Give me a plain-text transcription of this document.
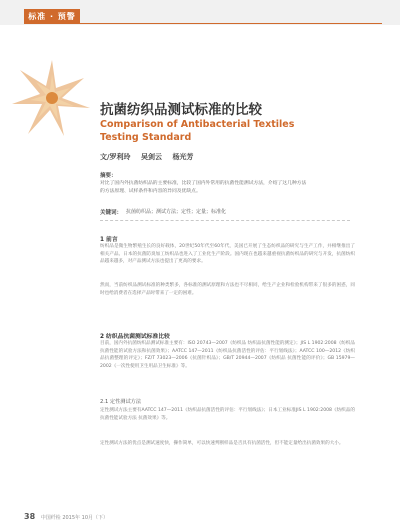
标准 · 预警
抗菌纺织品测试标准的比较
Comparison of Antibacterial Textiles
Testing Standard
文/罗利玲 吴剑云 杨光芳
摘要：
对比了国内外抗菌纺织品的主要标准，比较了国内外常用的抗菌性能测试方法，介绍了这几种方法的方法原理、试样条件和内容的异同及优缺点。
关键词： 抗菌纺织品；测试方法；定性；定量；标准化
1 前言
纺织品是微生物繁殖生长的良好载体，20世纪50年代至60年代，美国已开展了生态纺织品的研究与生产工作，并相继推出了相关产品。日本的抗菌防臭加工纺织品也进入了工业化生产阶段。国内现在也越来越重视抗菌纺织品的研究与开发，抗菌纺织品越来越多，对产品测试方法也提出了更高的要求。
然而，当前纺织品测试标准的种类繁多，各标准的测试原理和方法也不尽相同，给生产企业和检验机构带来了很多的困惑，同时也给消费者在选择产品时带来了一定的困难。
2 纺织品抗菌测试标准比较
目前，国内外抗菌纺织品测试标准主要有：ISO 20743—2007《纺织品 纺织品抗菌性能的测定》；JIS L 1902:2008《纺织品抗菌性能的试验方法和抗菌效果》；AATCC 147—2011《纺织品抗菌活性的评估：平行划线法》；AATCC 100—2012《纺织品抗菌整理的评定》；FZ/T 73023—2006《抗菌针织品》；GB/T 20944—2007《纺织品 抗菌性能的评价》；GB 15979—2002《一次性使用卫生用品卫生标准》等。
2.1 定性测试方法
定性测试方法主要有AATCC 147—2011《纺织品抗菌活性的评估：平行划线法》；日本工业标准JIS L 1902:2008《纺织品的抗菌性能试验方法 抗菌效果》等。
定性测试方法的优点是测试速度快，操作简单，可以快速判断样品是否具有抗菌活性，但不能定量给出抗菌效果的大小。
38 中国纤检 2015年 10月（下）
